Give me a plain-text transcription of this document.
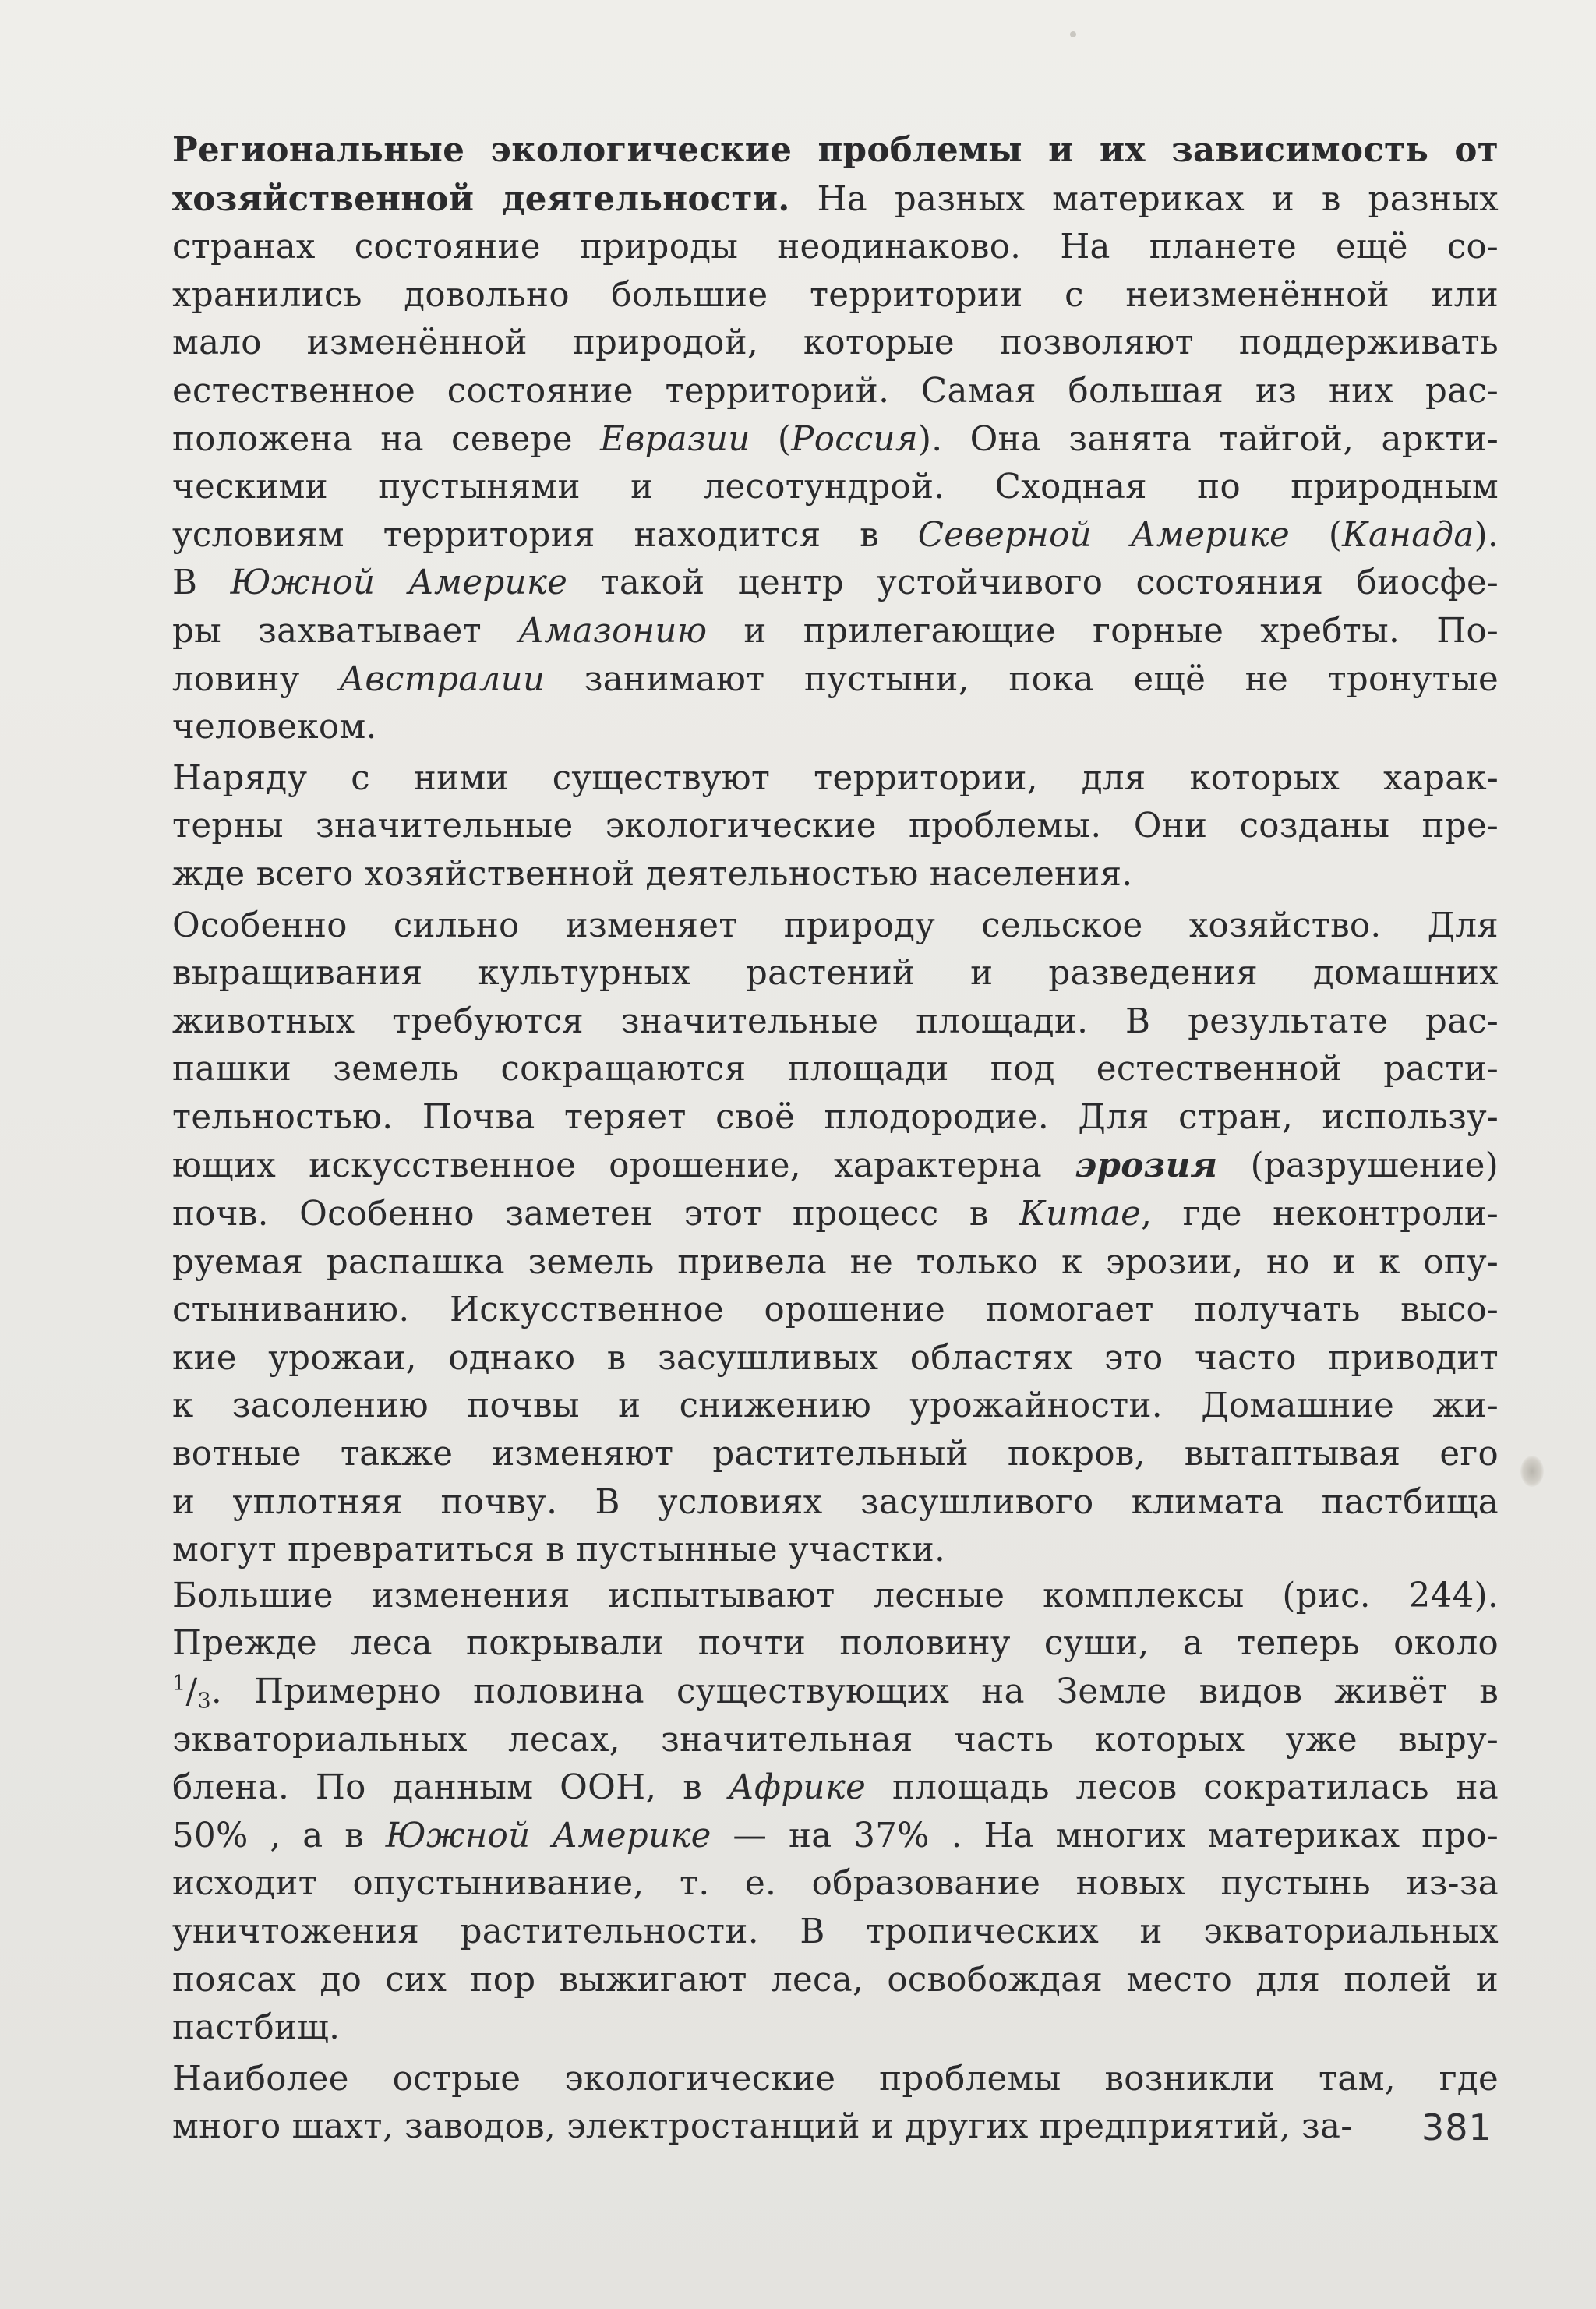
Региональные экологические проблемы и их зависимость от
хозяйственной деятельности. На разных материках и в разных
странах состояние природы неодинаково. На планете ещё со-
хранились довольно большие территории с неизменённой или
мало изменённой природой, которые позволяют поддерживать
естественное состояние территорий. Самая большая из них рас-
положена на севере Евразии (Россия). Она занята тайгой, аркти-
ческими пустынями и лесотундрой. Сходная по природным
условиям территория находится в Северной Америке (Канада).
В Южной Америке такой центр устойчивого состояния биосфе-
ры захватывает Амазонию и прилегающие горные хребты. По-
ловину Австралии занимают пустыни, пока ещё не тронутые
человеком.

Наряду с ними существуют территории, для которых харак-
терны значительные экологические проблемы. Они созданы пре-
жде всего хозяйственной деятельностью населения.

Особенно сильно изменяет природу сельское хозяйство. Для
выращивания культурных растений и разведения домашних
животных требуются значительные площади. В результате рас-
пашки земель сокращаются площади под естественной расти-
тельностью. Почва теряет своё плодородие. Для стран, использу-
ющих искусственное орошение, характерна эрозия (разрушение)
почв. Особенно заметен этот процесс в Китае, где неконтроли-
руемая распашка земель привела не только к эрозии, но и к опу-
стыниванию. Искусственное орошение помогает получать высо-
кие урожаи, однако в засушливых областях это часто приводит
к засолению почвы и снижению урожайности. Домашние жи-
вотные также изменяют растительный покров, вытаптывая его
и уплотняя почву. В условиях засушливого климата пастбища
могут превратиться в пустынные участки.

Большие изменения испытывают лесные комплексы (рис. 244).
Прежде леса покрывали почти половину суши, а теперь около
$^1$/3. Примерно половина существующих на Земле видов живёт в
экваториальных лесах, значительная часть которых уже выру-
блена. По данным ООН, в Африке площадь лесов сократилась на
50% , а в Южной Америке — на 37% . На многих материках про-
исходит опустынивание, т. е. образование новых пустынь из-за
уничтожения растительности. В тропических и экваториальных
поясах до сих пор выжигают леса, освобождая место для полей и
пастбищ.

Наиболее острые экологические проблемы возникли там, где
много шахт, заводов, электростанций и других предприятий, за-	381
